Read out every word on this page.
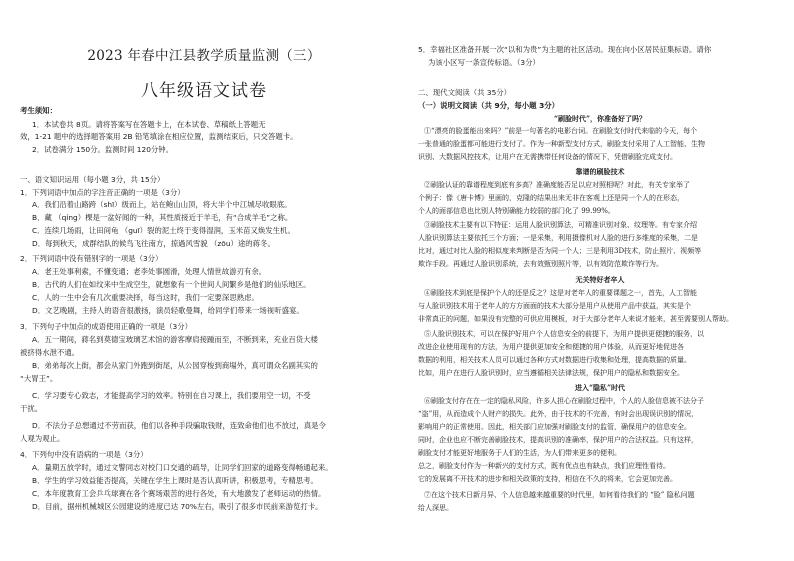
2023 年春中江县教学质量监测（三）
八年级语文试卷
考生须知：
1．本试卷共 8页。请将答案写在答题卡上，在本试卷、草稿纸上答题无
效，1-21 题中的选择题答案用 2B 铅笔填涂在相应位置，监测结束后，只交答题卡。
2．试卷满分 150分。监测时间 120分钟。
一、语文知识运用（每小题 3分，共 15分）
1．下列词语中加点的字注音正确的一项是（3分）
A．我们沿着山路跨（shī）级而上，站在鲍山山顶，将大半个中江城尽收眼底。
B．藏 （qíng）棵是一盆好闻的一种，其性质接近于羊毛，有“合成羊毛”之称。
C．连续几场雨，让田间龟 （guī）裂的泥土终于变得湿润，玉米苗又焕发生机。
D．每到秋天，成群结队的候鸟飞往南方，掠過风雪貌 （zōu）途的蒋冬。
2．下列词语中没有错别字的一项是（3分）
A．老王处事利索，不懂变通；老李处事圆滑，处理人情世故游刃有余。
B．古代的人们在如纹来中生成空生，就想象有一个世间人间繁乡是他们的仙乐地区。
C．人的一生中会有几次重要决择，每当这时，我们一定要深思熟虑。
D．文艺晚剧，主持人的语音很激扬，演员轻歌曼舞，给同学们带来一场视听盛宴。
3．下列句子中加点的成语使用正确的一项是（3分）
A．五一期间，蔣名到莫德宝玻璃艺术馆的游客摩肩接踵而至，不断到来，充业百货大楼
被挤得水泄不通。
B．弟弟每次上街，都会从家门外跑到街尾，从公园穿梭到商場外，真可谓众名副其实的
“大胃王”。
C．学习要专心致志，才能提高学习的效率。特别在自习课上，我们要用空一切，不受
干扰。
D．不法分子总想通过不劳而获，他们以各种手段骗取钱财，连致命他们也不放过，真是令
人观为观止。
4．下列句中没有语病的一项是（3分）
A．量期五放学时，通过文警同志对校门口交通的疏导，让同学们回家的道路变得畅通起来。
B．学生的学习效益能否提高，关键在学生上课时是否认真听讲，积极思考，专精思考。
C．本年度教育工会乒乓球赛在各个赛场艰苦的进行各处，有大地激发了老师运动的热情。
D．目前，据州机械城区公园建设的进度已达 70%左右，吸引了很多市民前来游览打卡。
5．幸福社区准备开展一次“以和为贵”为主题的社区活动。现在向小区居民征集标语。请你
为该小区写一条宣传标语。（3分）
二、现代文阅读（共 35分）
（一）说明文阅读（共 9分，每小题 3分）
“刷脸时代”，你准备好了吗？
①“漂亮的脸蛋能出来吗？”前是一句著名的电影台词。在刷脸支付时代来临的今天，每个
一张普通的脸蛋都可能进行支付了。作为一种新型支付方式，刷脸支付采用了人工智能、生物
识别、大数据风控技术，让用户在无需携带任何设备的情况下，凭借刷脸完成支付。
靠谱的刷脸技术
②刷脸认证的靠谱程度到底有多高？准确度能否足以应对照相呢？对此，有关专家举了
个例子：像《唐卡博》里画的，克隆的结果出来无非在客观上还是同一个人的在形态，
个人的面部信息也比别人特别确能力较弱的部门化了 99.99%。
③刷脸技术主要有以下特征：运用人脸识别算法，可精准识别对象、纹理等。有专家介绍
人脸识别算法主要依托三个方面；一是采集，利用摄像机对人脸的进行多维度的采集，二是
比对，通过对比人脸的相似度来判断是否为同一个人；三是利用3D技术，防止照片、视频等
欺诈手段。再通过人脸识别系统，去有效甄别照片等，以有效防范欺诈等行为。
无关特好者卒人
④刷脸技术到底是保护个人的还是反之？这是对老年人的重要课题之一，首先，人工智能
与人脸识别技术用于老年人的方方面面的技术大部分是用户从使用产品中获益，其实是个
非常真正的问题，如果没有完整的可供应用模板，对于大部分老年人来说才能来，甚至需要别人帮助。
⑤人脸识别技术，可以在保护好用户个人信息安全的前提下，为用户提供更便捷的服务，以
改进企业使用现有的方法，为用户提供更加安全和便捷的用户体验，从而更好地促进各
数据的利用，相关技术人员可以通过各种方式对数据进行收集和处理，提高数据的质量。
比如，用户在进行人脸识别时，应当遵循相关法律法规，保护用户的隐私和数据安全。
进入“隐私”时代
⑥刷脸支付存在在一定的隐私风险，许多人担心在刷脸过程中，个人的人脸信息被不法分子
“盗”用，从而造成个人财产的损失。此外，由于技术的不完善，有时会出现误识别的情况，
影响用户的正常使用。因此，相关部门应加强对刷脸支付的监管，确保用户的信息安全。
同时，企业也应不断完善刷脸技术，提高识别的准确率，保护用户的合法权益。只有这样，
刷脸支付才能更好地服务于人们的生活，为人们带来更多的便利。
总之，刷脸支付作为一种新兴的支付方式，既有优点也有缺点，我们应理性看待。
它的发展离不开技术的进步和相关政策的支持，相信在不久的将来，它会更加完善。
⑦在这个技术日新月异、个人信息越来越重要的时代里，如何看待我们的 “脸” 隐私问题
给人深思。
